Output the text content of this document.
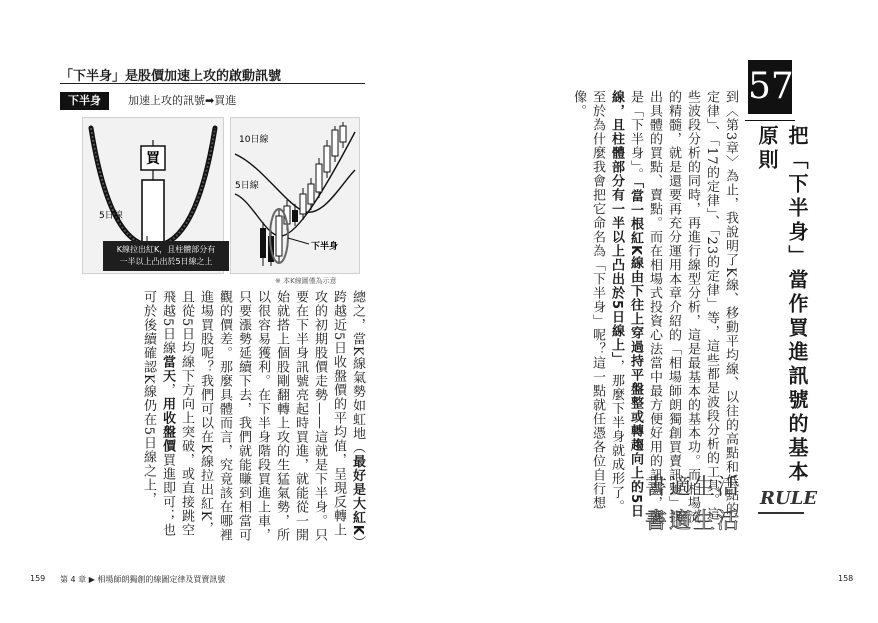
「下半身」是股價加速上攻的啟動訊號
下半身	加速上攻的訊號➡買進
買
5日線
K線拉出紅K，且柱體部分有
一半以上凸出於5日線之上
10日線
5日線
下半身
※ 本K線圖僅為示意
總之，當K線氣勢如虹地（最好是大紅K）跨越近5日收盤價的平均值，呈現反轉上攻的初期股價走勢——這就是下半身。只要在下半身訊號亮起時買進，就能從一開始就搭上個股剛翻轉上攻的生猛氣勢，所以很容易獲利。在下半身階段買進上車，只要漲勢延續下去，我們就能賺到相當可觀的價差。那麼具體而言，究竟該在哪裡進場買股呢？我們可以在K線拉出紅K，且從5日均線下方向上突破，或直接跳空飛越5日線當天，用收盤價買進即可；也可於後續確認K線仍在5日線之上，
159 第 4 章 ▶ 相場師朗獨創的線圖定律及買賣訊號
57
把「下半身」當作買進訊號的基本原則
到〈第3章〉為止，我說明了K線、移動平均線、以往的高點和低點的定律」、「17的定律」、「23的定律」等，這些都是波段分析的工具。這些波段分析的同時，再進行線型分析，這是最基本的基本功。而相場流的精髓，就是還要再充分運用本章介紹的「相場師朗獨創買賣訊號」找出具體的買點、賣點。而在相場式投資心法當中最方便好用的訊號，就是「下半身」。「當一根紅K線由下往上穿過持平盤整或轉趨向上的5日線，且柱體部分有一半以上凸出於5日線上」，那麼下半身就成形了。至於為什麼我會把它命名為「下半身」呢？這一點就任憑各位自行想像。
書適生活
書適生活
RULE
158
